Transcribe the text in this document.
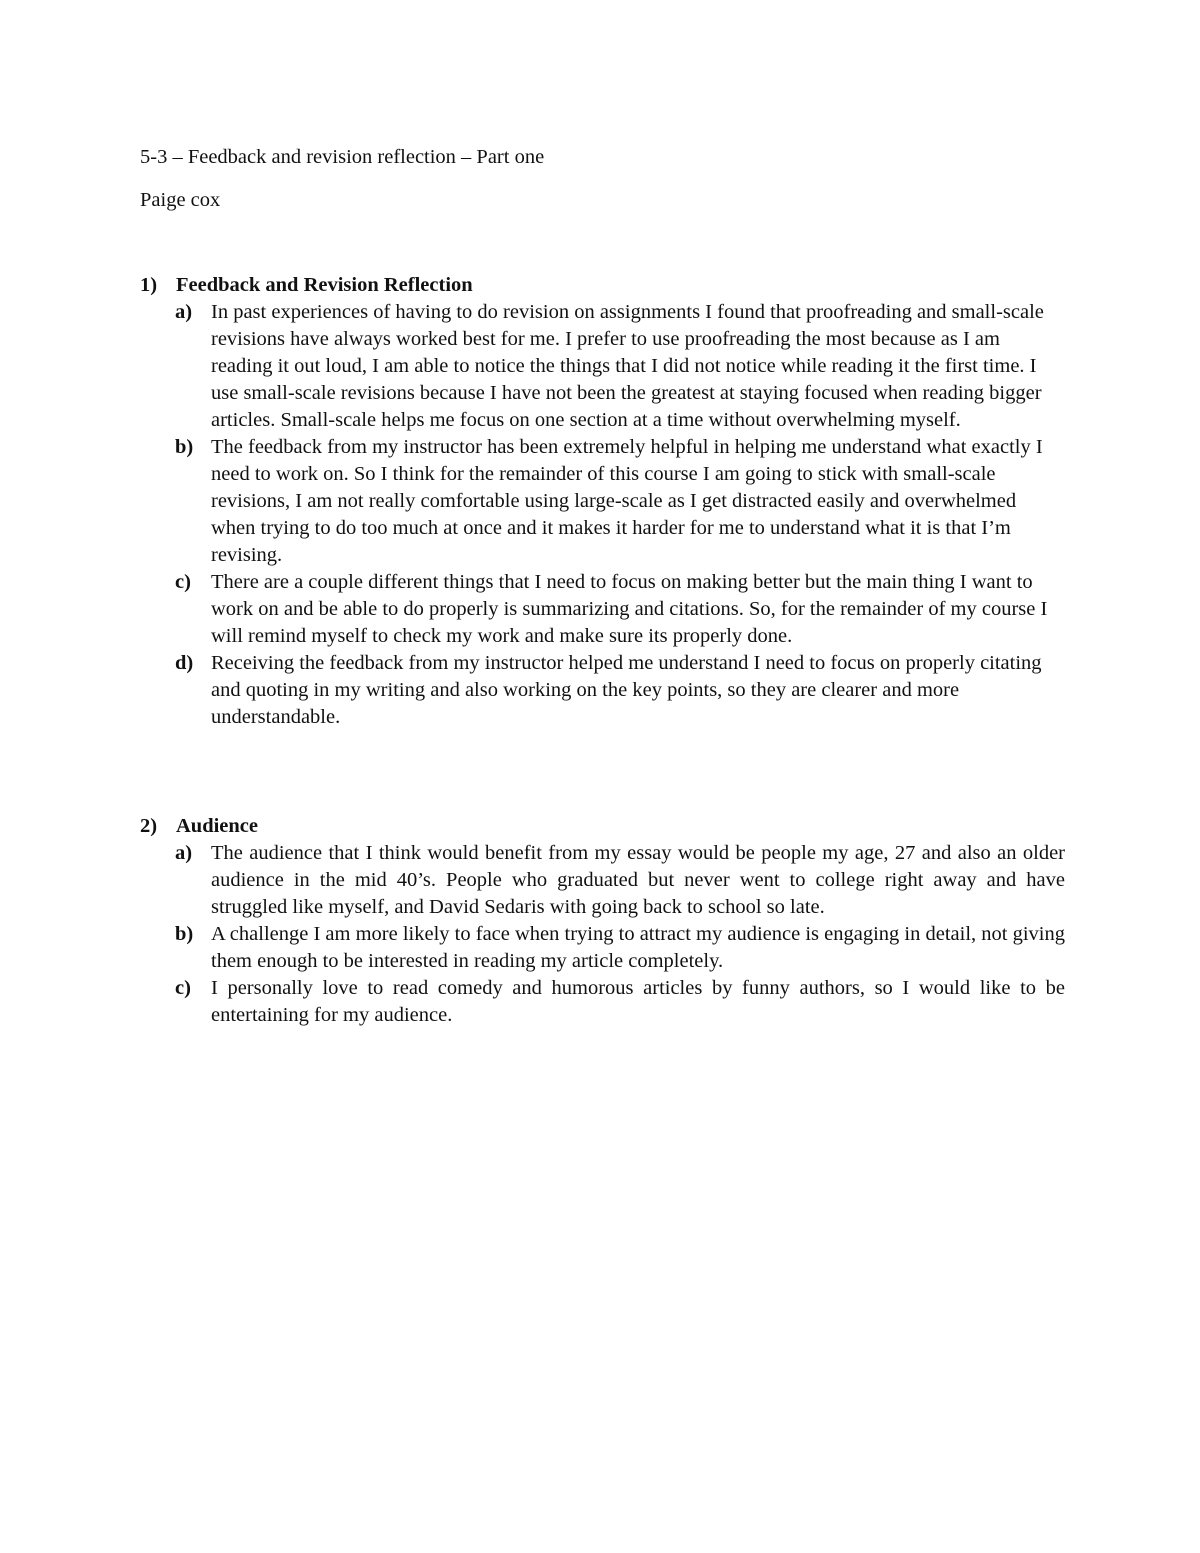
5-3 – Feedback and revision reflection – Part one
Paige cox
1) Feedback and Revision Reflection
a) In past experiences of having to do revision on assignments I found that proofreading and small-scale revisions have always worked best for me. I prefer to use proofreading the most because as I am reading it out loud, I am able to notice the things that I did not notice while reading it the first time. I use small-scale revisions because I have not been the greatest at staying focused when reading bigger articles. Small-scale helps me focus on one section at a time without overwhelming myself.
b) The feedback from my instructor has been extremely helpful in helping me understand what exactly I need to work on. So I think for the remainder of this course I am going to stick with small-scale revisions, I am not really comfortable using large-scale as I get distracted easily and overwhelmed when trying to do too much at once and it makes it harder for me to understand what it is that I’m revising.
c) There are a couple different things that I need to focus on making better but the main thing I want to work on and be able to do properly is summarizing and citations. So, for the remainder of my course I will remind myself to check my work and make sure its properly done.
d) Receiving the feedback from my instructor helped me understand I need to focus on properly citating and quoting in my writing and also working on the key points, so they are clearer and more understandable.
2) Audience
a) The audience that I think would benefit from my essay would be people my age, 27 and also an older audience in the mid 40’s. People who graduated but never went to college right away and have struggled like myself, and David Sedaris with going back to school so late.
b) A challenge I am more likely to face when trying to attract my audience is engaging in detail, not giving them enough to be interested in reading my article completely.
c) I personally love to read comedy and humorous articles by funny authors, so I would like to be entertaining for my audience.
